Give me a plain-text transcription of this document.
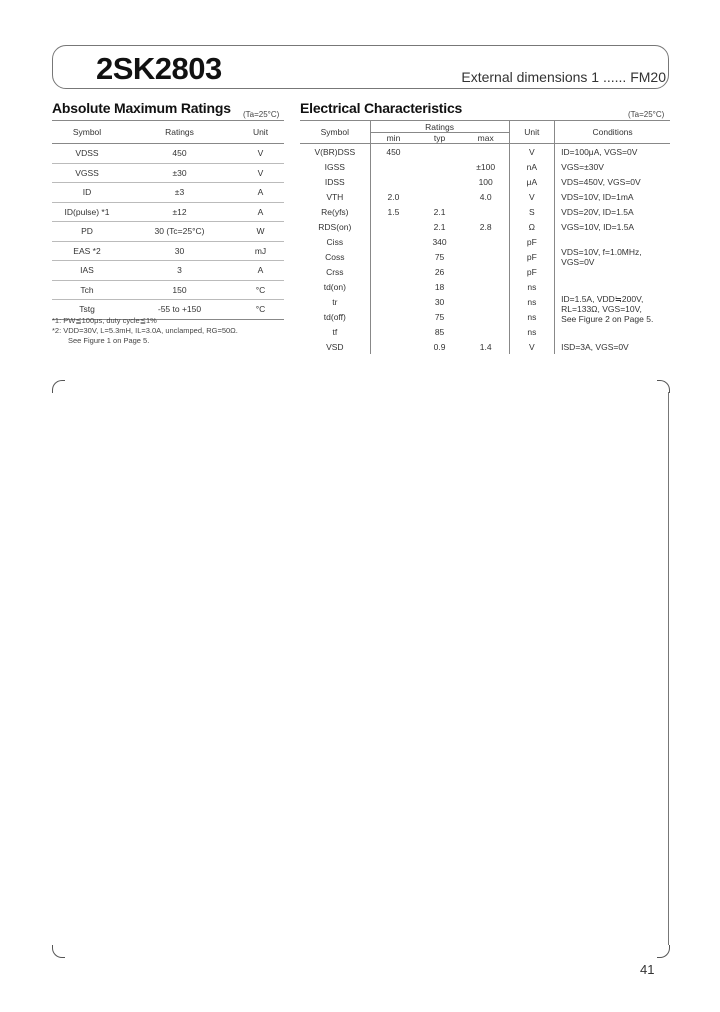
2SK2803	External dimensions 1 ...... FM20
Absolute Maximum Ratings (Ta=25°C)
Symbol	Ratings	Unit
VDSS	450	V
VGSS	±30	V
ID	±3	A
ID(pulse) *1	±12	A
PD	30 (Tc=25°C)	W
EAS *2	30	mJ
IAS	3	A
Tch	150	°C
Tstg	-55 to +150	°C
*1: PW≦100μs, duty cycle≦1%
*2: VDD=30V, L=5.3mH, IL=3.0A, unclamped, RG=50Ω.
See Figure 1 on Page 5.
Electrical Characteristics	(Ta=25°C)
Symbol	Ratings			Unit	Conditions
	min	typ	max		
V(BR)DSS	450			V	ID=100μA, VGS=0V
IGSS			±100	nA	VGS=±30V
IDSS			100	μA	VDS=450V, VGS=0V
VTH	2.0		4.0	V	VDS=10V, ID=1mA
Re(yfs)	1.5	2.1		S	VDS=20V, ID=1.5A
RDS(on)		2.1	2.8	Ω	VGS=10V, ID=1.5A
Ciss		340		pF	VDS=10V, f=1.0MHz,
VGS=0V

Coss		75		pF	
Crss		26		pF	
td(on)		18		ns	ID=1.5A, VDD≒200V,
RL=133Ω, VGS=10V,
See Figure 2 on Page 5.

tr		30		ns	
td(off)		75		ns	
tf		85		ns	
VSD		0.9	1.4	V	ISD=3A, VGS=0V
41
